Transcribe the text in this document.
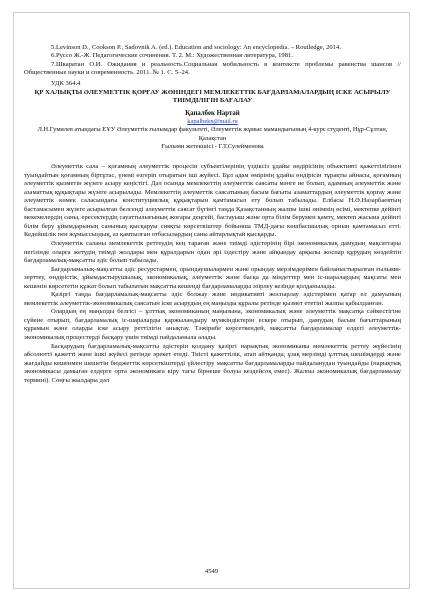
5.Levinson D., Cookson P., Sadovnik A. (ed.). Education and sociology: An encyclopedia. – Routledge, 2014.

6.Руссо Ж.-Ж. Педагогические сочинения. Т. 2. М.: Художественная литература, 1981.

7.Шкаратан О.И. Ожидания и реальность.Социальная мобильность в контексте проблемы равенства шансов // Общественные науки и современность. 2011. № 1. С. 5–24.

УДК 364.4

ҚР ХАЛЫҚТЫ ӘЛЕУМЕТТІК ҚОРҒАУ ЖӨНІНДЕГІ МЕМЛЕКЕТТІК БАҒДАРЛАМАЛАРДЫҢ ІСКЕ АСЫРЫЛУ ТИІМДІЛІГІН БАҒАЛАУ

Қапалбек Нартай

kapalbekn@mail.ru

Л.Н.Гумилев атындағы ЕҰУ Әлеуметтік ғылымдар факультеті, Әлеуметтік жұмыс мамандығының 4-курс студенті, Нұр-Сұлтан, Қазақстан

Ғылыми жетекшісі - Г.Т.Сулейменова

Әлеуметтік сала – қоғамның әлеуметтік процесін субъектілерінің үздіксіз ұдайы өндірісінің объективті қажеттілігінен туындайтын қоғамның біртұтас, үнемі өзгеріп отыратын іші жүйесі. Бұл адам өмірінің ұдайы өндірісін тұрақты айнасы, қоғамның әлеуметтік қызметін жүзеге асыру кеңістігі. Дәл осында мемлекеттің әлеуметтік саясаты мәнге ие болып, адамның әлеуметтік және азаматтық құқықтары жүзеге асырылады. Мемлекеттің әлеуметтік саясатының басым бағыты азаматтардың әлеуметтік қорғау және әлеуметтік көмек саласындағы конституциялық құқықтарын қамтамасыз ету болып табылады. Елбасы Н.Ә.Назарбаевтың бастамасымен жүзеге асырылған белсенді әлеуметтік саясат бүгінгі таңда Қазақстанның жалпы ішкі өнімнің өсімі, мектепке дейінгі мекемелердің саны, ересектердің сауаттылығының жоғары деңгейі, бастауыш және орта білім берумен қамту, мектеп жасына дейінгі білім беру ұйымдарының санының қысқаруы сияқты көрсеткіштер бойынша ТМД-дағы көшбасшылық орнын қамтамасыз етті. Кедейшілік пен жұмыссыздық, аз қамтылған отбасылардың саны айтарлықтай қысқарды.

Әлеуметтік саланы мемлекеттік реттеудің кең тараған және тиімді әдістерінің бірі экономикалық дамудың мақсаттары негізінде оларға жетудің тиімді жолдары мен құралдарын одан әрі іздестіру және айқындау арқылы жоспар құрудың көздейтін бағдарламалық-мақсатты әдіс болып табылады.

Бағдарламалық-мақсатты әдіс ресурстармен, орындаушылармен және орындау мерзімдерімен байланыстырылған ғылыми-зерттеу, өндірістік, ұйымдастырушылық, экономикалық, әлеуметтік және басқа да міндеттер мен іс-шаралардың мақсаты мен кешенін көрсететін құжат болып табылатын мақсатты кешенді бағдарламаларды әзірлеу кезінде қолданылады.

Қазіргі таңда бағдарламалық-мақсатты әдіс болжау және индикативті жоспарлау әдістерімен қатар ел дамуының мемлекеттік әлеуметтік-экономикалық саясатын іске асырудың ең маңызды құралы ретінде қызмет ететіні жалпы қабылданған.

Олардың ең маңызды белгісі – ұлттық экономиканың маңызына, экономикалық және әлеуметтік мақсатқа сәйкестігіне сүйене отырып, бағдарламалық іс-шараларды қаржыландыру мүмкіндіктерін ескере отырып, дамудың басым бағыттарының құрамын және оларды іске асыру реттілігін анықтау. Тәжірибе көрсеткендей, мақсатты бағдарламалар елдегі әлеуметтік-экономикалық процестерді басқару үшін тиімді пайдаланыла алады.

Басқарудың бағдарламалық-мақсатты әдістерін қолдану қазіргі нарықтық экономиканы мемлекеттік реттеу жүйесінің абсолютті қажетті және ішкі жүйесі ретінде әрекет етеді. Тиісті қажеттілік, атап айтқанда, ұзақ мерзімді ұлттық шешімдерді және жағдайды кешенмен шешетін бюджеттік көрсеткіштерді үйлестіру мақсатты бағдарламаларды пайдаланудан туындайды (нарықтық экономикасы дамыған елдерге орта экономикаға кіру тағы бірнеше болуы кездейсоқ емес). Жалпы экономикалық бағдарламалау термині). Соңғы жылдары дәл

4549
